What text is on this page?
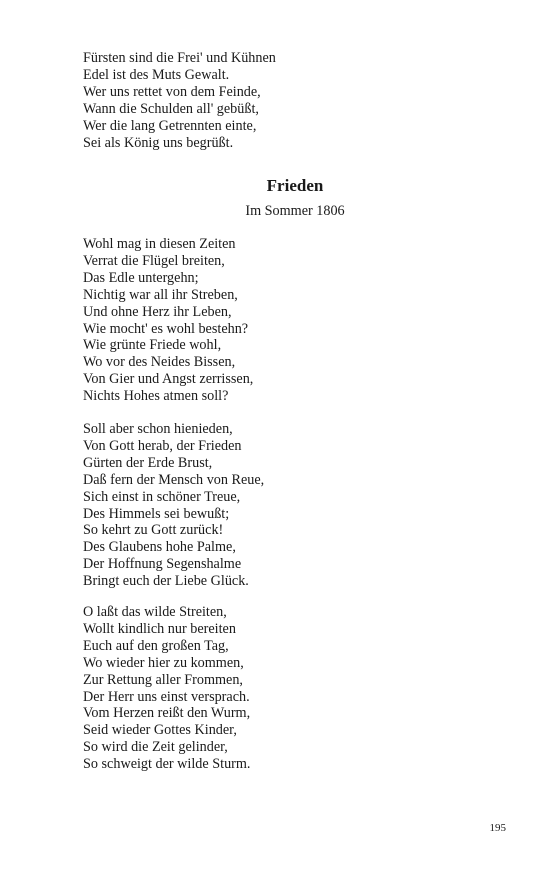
Fürsten sind die Frei' und Kühnen
Edel ist des Muts Gewalt.
Wer uns rettet von dem Feinde,
Wann die Schulden all' gebüßt,
Wer die lang Getrennten einte,
Sei als König uns begrüßt.
Frieden

Im Sommer 1806

Wohl mag in diesen Zeiten
Verrat die Flügel breiten,
Das Edle untergehn;
Nichtig war all ihr Streben,
Und ohne Herz ihr Leben,
Wie mocht' es wohl bestehn?
Wie grünte Friede wohl,
Wo vor des Neides Bissen,
Von Gier und Angst zerrissen,
Nichts Hohes atmen soll?
Soll aber schon hienieden,
Von Gott herab, der Frieden
Gürten der Erde Brust,
Daß fern der Mensch von Reue,
Sich einst in schöner Treue,
Des Himmels sei bewußt;
So kehrt zu Gott zurück!
Des Glaubens hohe Palme,
Der Hoffnung Segenshalme
Bringt euch der Liebe Glück.
O laßt das wilde Streiten,
Wollt kindlich nur bereiten
Euch auf den großen Tag,
Wo wieder hier zu kommen,
Zur Rettung aller Frommen,
Der Herr uns einst versprach.
Vom Herzen reißt den Wurm,
Seid wieder Gottes Kinder,
So wird die Zeit gelinder,
So schweigt der wilde Sturm.

195
